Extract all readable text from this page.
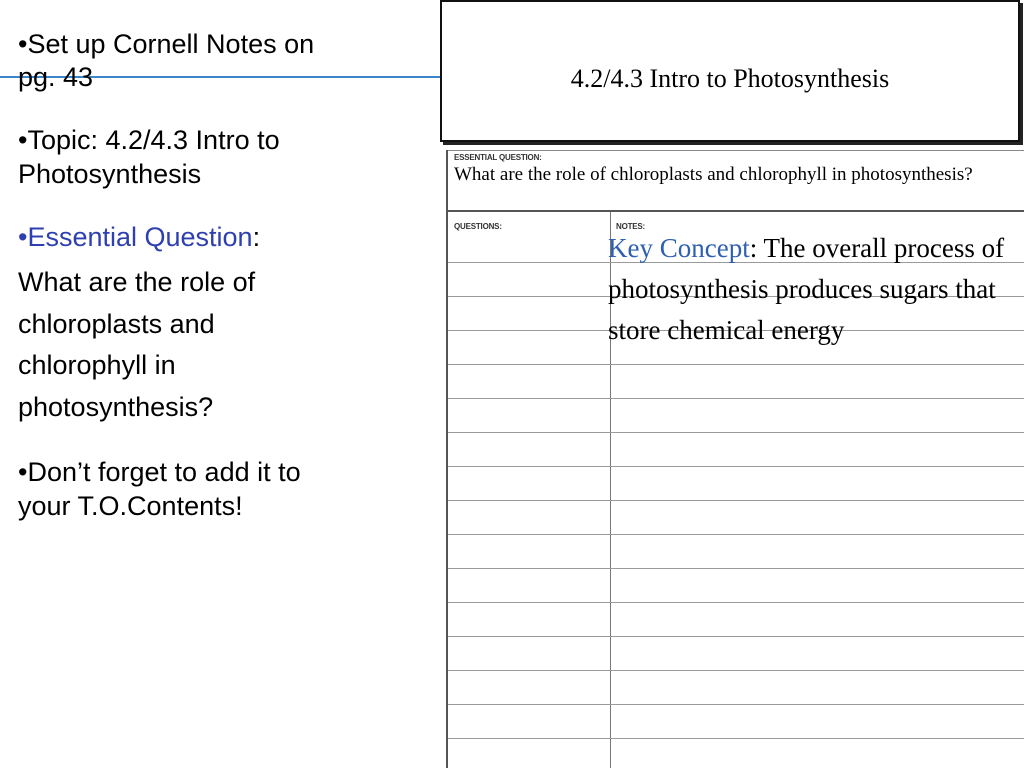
•Set up Cornell Notes on
pg. 43
•Topic: 4.2/4.3 Intro to
Photosynthesis
•Essential Question:
What are the role of
chloroplasts and
chlorophyll in
photosynthesis?
•Don’t forget to add it to
your T.O.Contents!
4.2/4.3 Intro to Photosynthesis
ESSENTIAL QUESTION:
What are the role of chloroplasts and chlorophyll in photosynthesis?
QUESTIONS:	NOTES:
Key Concept: The overall process of photosynthesis produces sugars that store chemical energy
